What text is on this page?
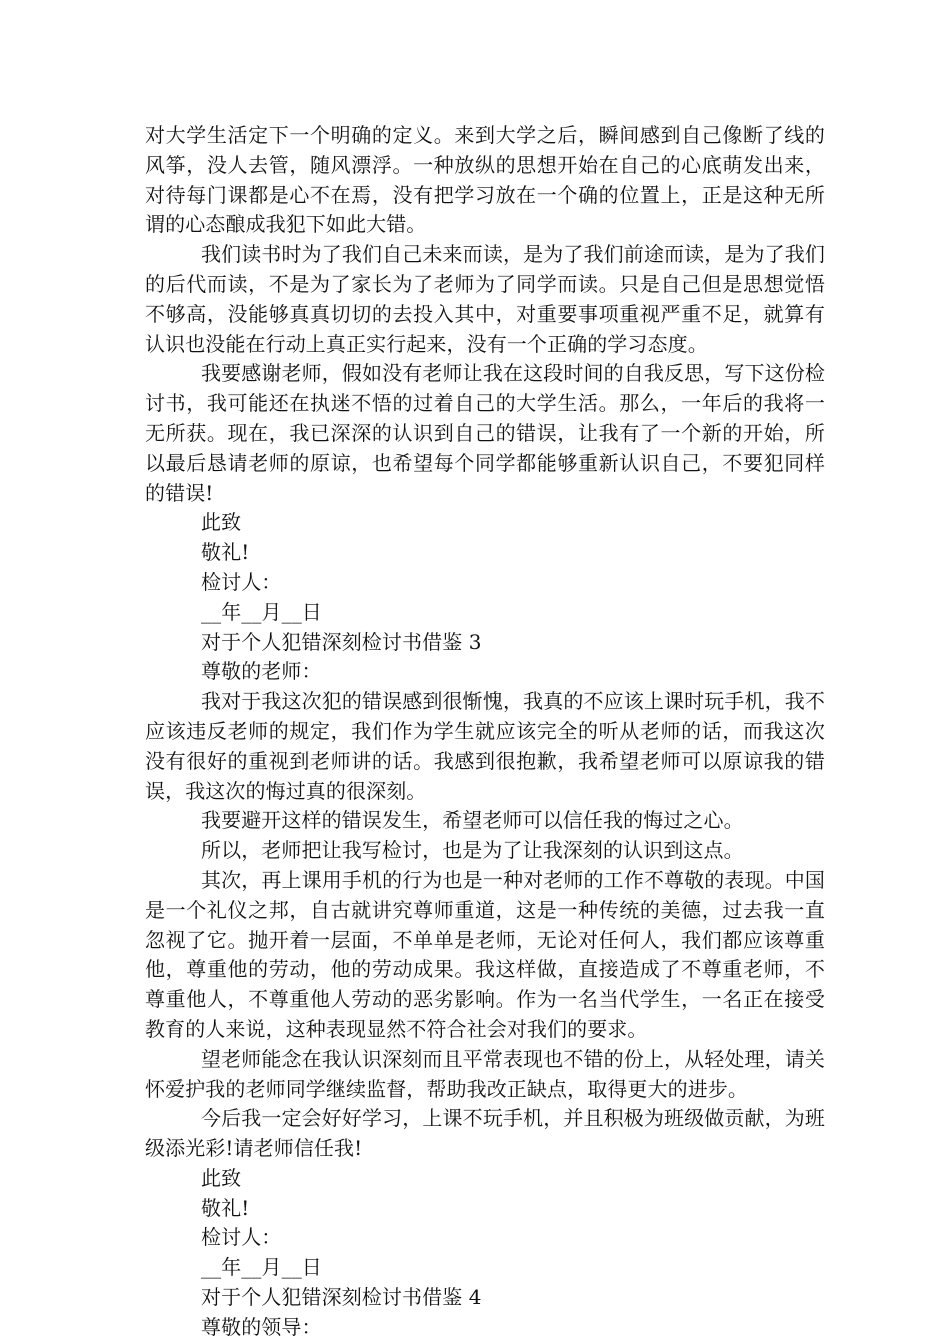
对大学生活定下一个明确的定义。来到大学之后，瞬间感到自己像断了线的风筝，没人去管，随风漂浮。一种放纵的思想开始在自己的心底萌发出来，对待每门课都是心不在焉，没有把学习放在一个确的位置上，正是这种无所谓的心态酿成我犯下如此大错。

我们读书时为了我们自己未来而读，是为了我们前途而读，是为了我们的后代而读，不是为了家长为了老师为了同学而读。只是自己但是思想觉悟不够高，没能够真真切切的去投入其中，对重要事项重视严重不足，就算有认识也没能在行动上真正实行起来，没有一个正确的学习态度。

我要感谢老师，假如没有老师让我在这段时间的自我反思，写下这份检讨书，我可能还在执迷不悟的过着自己的大学生活。那么，一年后的我将一无所获。现在，我已深深的认识到自己的错误，让我有了一个新的开始，所以最后恳请老师的原谅，也希望每个同学都能够重新认识自己，不要犯同样的错误!

此致

敬礼!

检讨人：

__年__月__日

对于个人犯错深刻检讨书借鉴 3

尊敬的老师：

我对于我这次犯的错误感到很惭愧，我真的不应该上课时玩手机，我不应该违反老师的规定，我们作为学生就应该完全的听从老师的话，而我这次没有很好的重视到老师讲的话。我感到很抱歉，我希望老师可以原谅我的错误，我这次的悔过真的很深刻。

我要避开这样的错误发生，希望老师可以信任我的悔过之心。

所以，老师把让我写检讨，也是为了让我深刻的认识到这点。

其次，再上课用手机的行为也是一种对老师的工作不尊敬的表现。中国是一个礼仪之邦，自古就讲究尊师重道，这是一种传统的美德，过去我一直忽视了它。抛开着一层面，不单单是老师，无论对任何人，我们都应该尊重他，尊重他的劳动，他的劳动成果。我这样做，直接造成了不尊重老师，不尊重他人，不尊重他人劳动的恶劣影响。作为一名当代学生，一名正在接受教育的人来说，这种表现显然不符合社会对我们的要求。

望老师能念在我认识深刻而且平常表现也不错的份上，从轻处理，请关怀爱护我的老师同学继续监督，帮助我改正缺点，取得更大的进步。

今后我一定会好好学习，上课不玩手机，并且积极为班级做贡献，为班级添光彩!请老师信任我!

此致

敬礼!

检讨人：

__年__月__日

对于个人犯错深刻检讨书借鉴 4

尊敬的领导：
